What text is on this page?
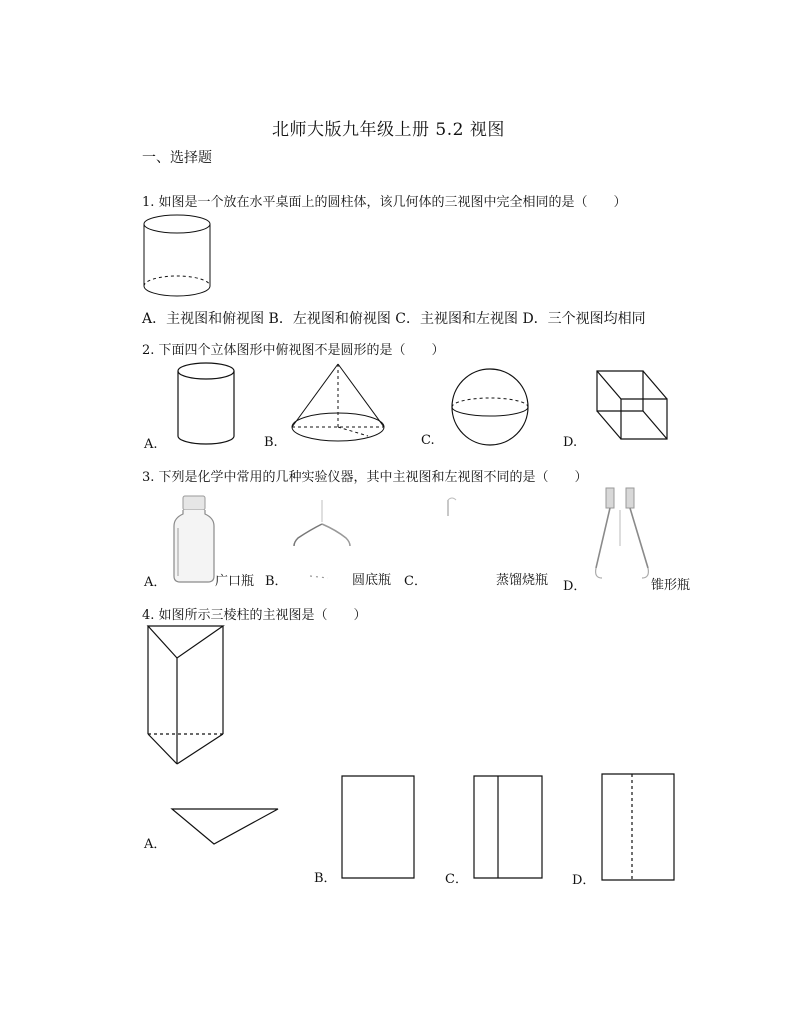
北师大版九年级上册 5.2 视图
一、选择题
1. 如图是一个放在水平桌面上的圆柱体，该几何体的三视图中完全相同的是（　　）
A．主视图和俯视图 B．左视图和俯视图 C．主视图和左视图 D．三个视图均相同
2. 下面四个立体图形中俯视图不是圆形的是（　　）
A.	B.	C.	D.
3. 下列是化学中常用的几种实验仪器，其中主视图和左视图不同的是（　　）
A．	广口瓶 B．	圆底瓶 C．	蒸馏烧瓶 D．	锥形瓶
4. 如图所示三棱柱的主视图是（　　）
A．
B．	C．	D．
